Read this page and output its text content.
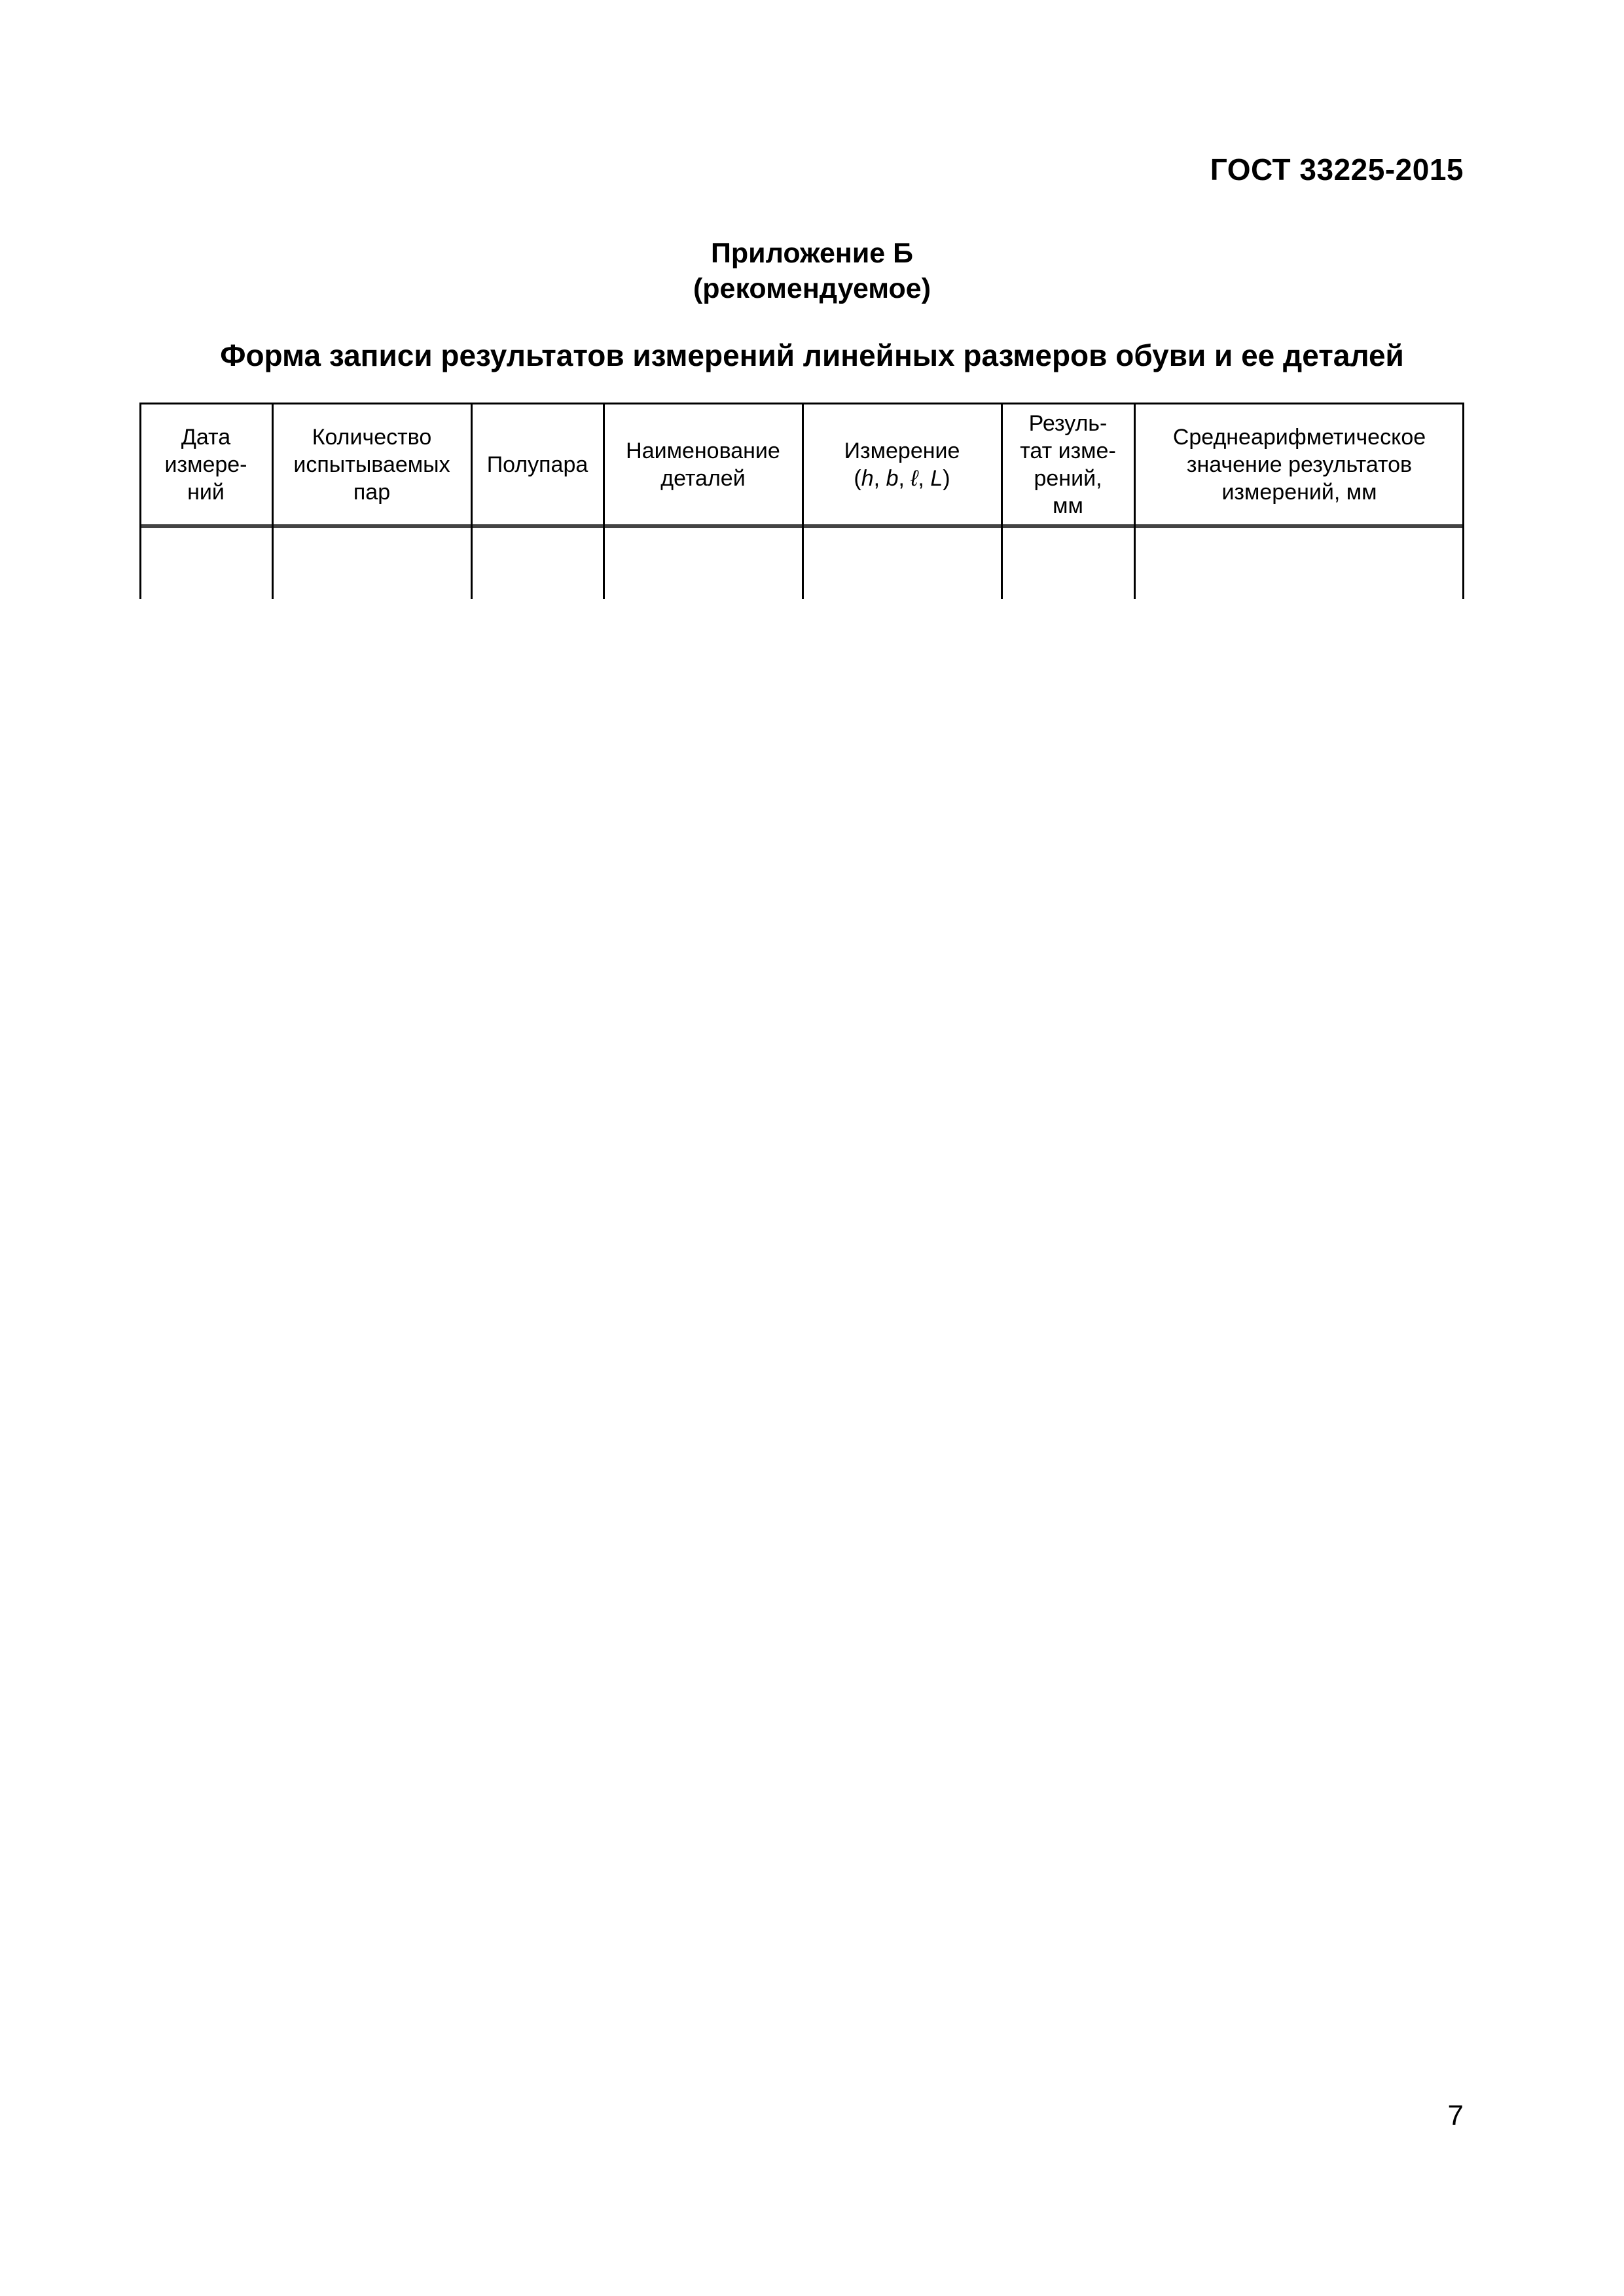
ГОСТ 33225-2015
Приложение Б
(рекомендуемое)
Форма записи результатов измерений линейных размеров обуви и ее деталей
Дата
измере-
ний
Количество
испытываемых
пар
Полупара
Наименование
деталей
Измерение
(h, b, ℓ, L)
Резуль-
тат изме-
рений,
мм
Среднеарифметическое
значение результатов
измерений, мм
7
